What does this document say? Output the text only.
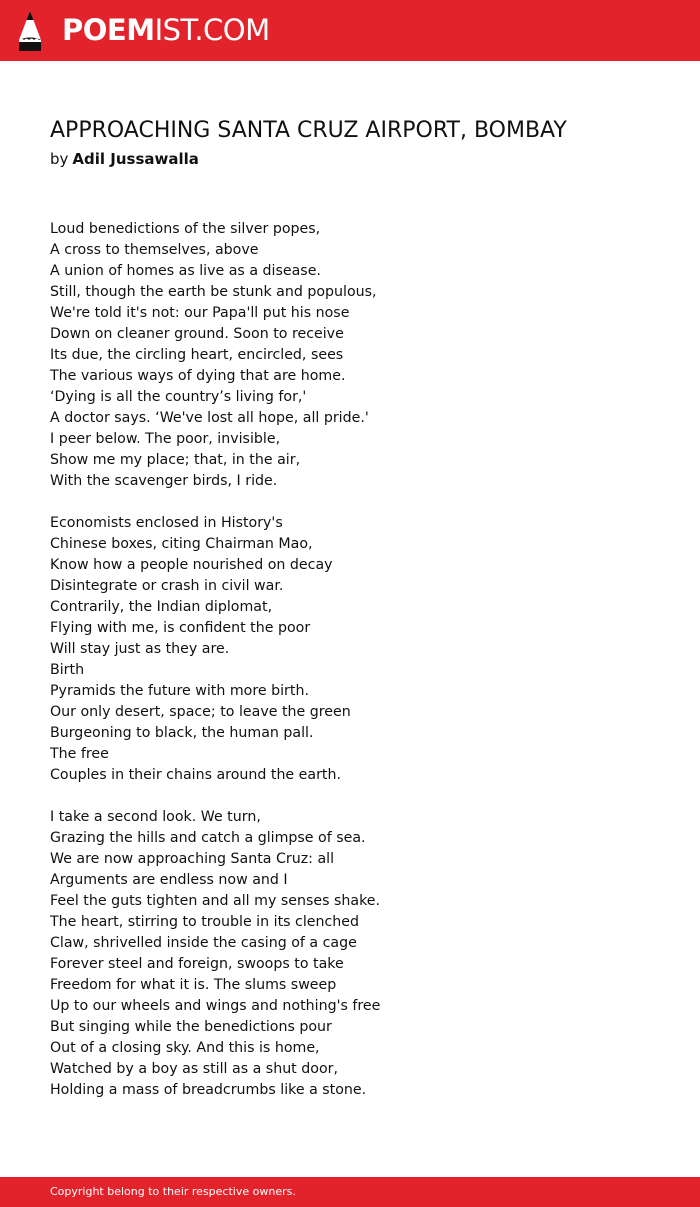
POEMIST.COM
APPROACHING SANTA CRUZ AIRPORT, BOMBAY
by Adil Jussawalla
Loud benedictions of the silver popes,
A cross to themselves, above
A union of homes as live as a disease.
Still, though the earth be stunk and populous,
We're told it's not: our Papa'll put his nose
Down on cleaner ground. Soon to receive
Its due, the circling heart, encircled, sees
The various ways of dying that are home.
‘Dying is all the country’s living for,'
A doctor says. ‘We've lost all hope, all pride.'
I peer below. The poor, invisible,
Show me my place; that, in the air,
With the scavenger birds, I ride.
Economists enclosed in History's
Chinese boxes, citing Chairman Mao,
Know how a people nourished on decay
Disintegrate or crash in civil war.
Contrarily, the Indian diplomat,
Flying with me, is confident the poor
Will stay just as they are.
Birth
Pyramids the future with more birth.
Our only desert, space; to leave the green
Burgeoning to black, the human pall.
The free
Couples in their chains around the earth.
I take a second look. We turn,
Grazing the hills and catch a glimpse of sea.
We are now approaching Santa Cruz: all
Arguments are endless now and I
Feel the guts tighten and all my senses shake.
The heart, stirring to trouble in its clenched
Claw, shrivelled inside the casing of a cage
Forever steel and foreign, swoops to take
Freedom for what it is. The slums sweep
Up to our wheels and wings and nothing's free
But singing while the benedictions pour
Out of a closing sky. And this is home,
Watched by a boy as still as a shut door,
Holding a mass of breadcrumbs like a stone.
Copyright belong to their respective owners.
